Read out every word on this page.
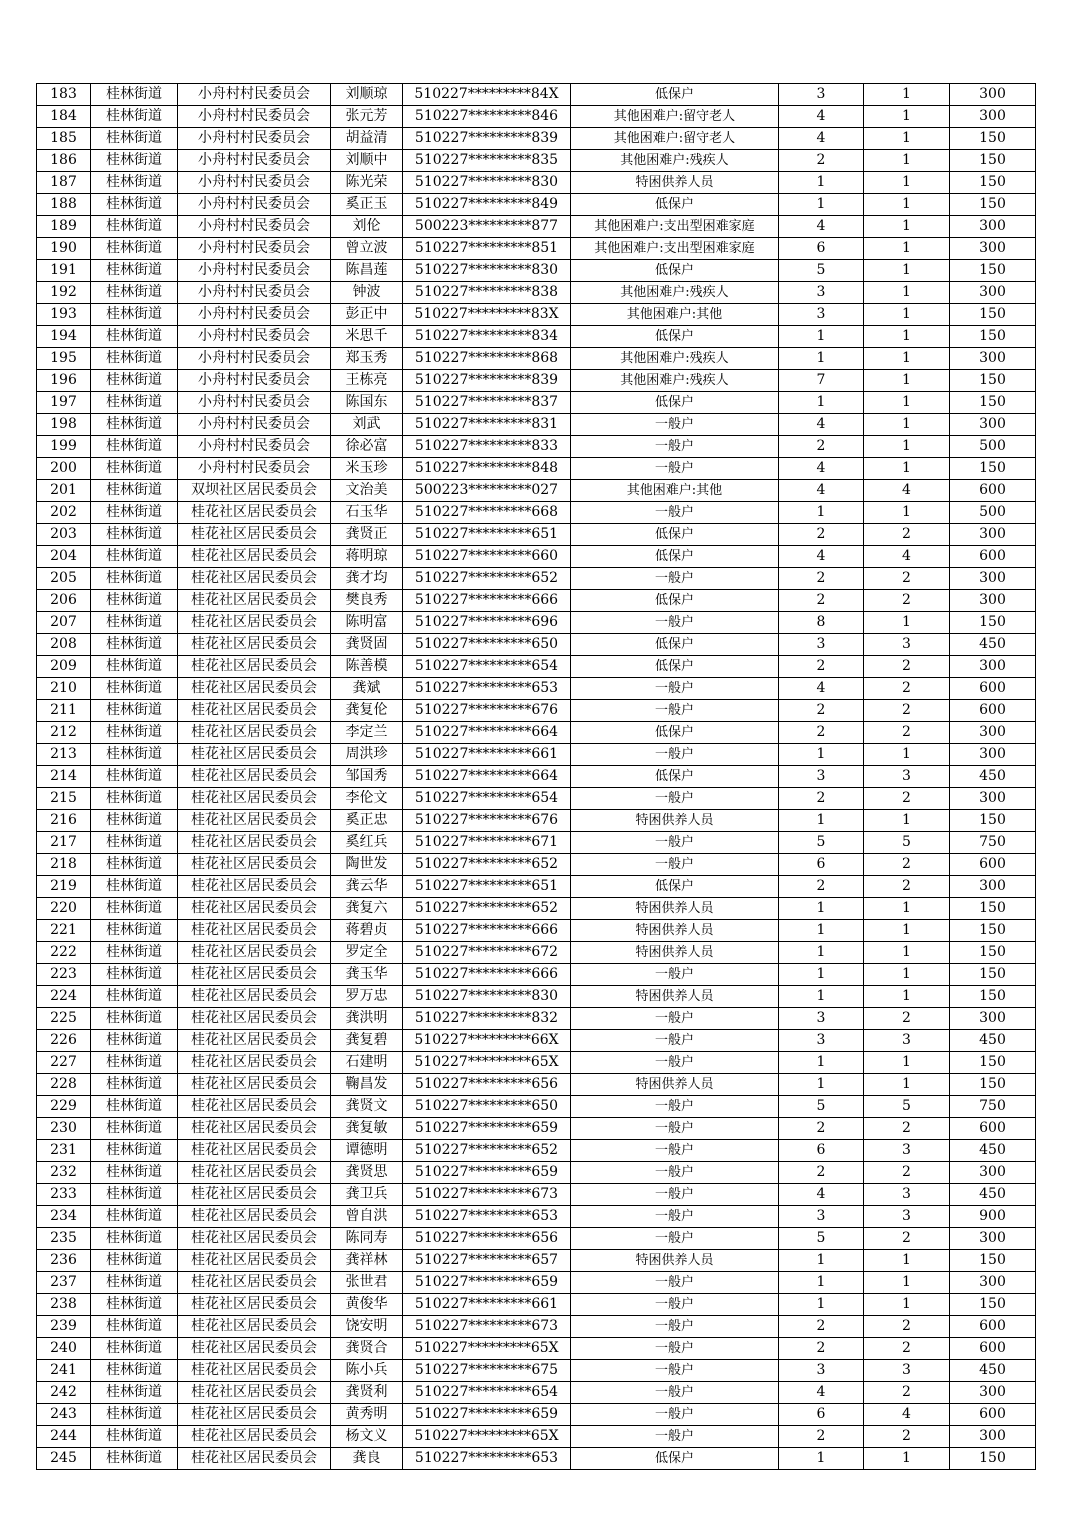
183	桂林街道	小舟村村民委员会	刘顺琼	510227*********84X	低保户	3	1	300
184	桂林街道	小舟村村民委员会	张元芳	510227*********846	其他困难户:留守老人	4	1	300
185	桂林街道	小舟村村民委员会	胡益清	510227*********839	其他困难户:留守老人	4	1	150
186	桂林街道	小舟村村民委员会	刘顺中	510227*********835	其他困难户:残疾人	2	1	150
187	桂林街道	小舟村村民委员会	陈光荣	510227*********830	特困供养人员	1	1	150
188	桂林街道	小舟村村民委员会	奚正玉	510227*********849	低保户	1	1	150
189	桂林街道	小舟村村民委员会	刘伦	500223*********877	其他困难户:支出型困难家庭	4	1	300
190	桂林街道	小舟村村民委员会	曾立波	510227*********851	其他困难户:支出型困难家庭	6	1	300
191	桂林街道	小舟村村民委员会	陈昌莲	510227*********830	低保户	5	1	150
192	桂林街道	小舟村村民委员会	钟波	510227*********838	其他困难户:残疾人	3	1	300
193	桂林街道	小舟村村民委员会	彭正中	510227*********83X	其他困难户:其他	3	1	150
194	桂林街道	小舟村村民委员会	米思千	510227*********834	低保户	1	1	150
195	桂林街道	小舟村村民委员会	郑玉秀	510227*********868	其他困难户:残疾人	1	1	300
196	桂林街道	小舟村村民委员会	王栋亮	510227*********839	其他困难户:残疾人	7	1	150
197	桂林街道	小舟村村民委员会	陈国东	510227*********837	低保户	1	1	150
198	桂林街道	小舟村村民委员会	刘武	510227*********831	一般户	4	1	300
199	桂林街道	小舟村村民委员会	徐必富	510227*********833	一般户	2	1	500
200	桂林街道	小舟村村民委员会	米玉珍	510227*********848	一般户	4	1	150
201	桂林街道	双坝社区居民委员会	文治美	500223*********027	其他困难户:其他	4	4	600
202	桂林街道	桂花社区居民委员会	石玉华	510227*********668	一般户	1	1	500
203	桂林街道	桂花社区居民委员会	龚贤正	510227*********651	低保户	2	2	300
204	桂林街道	桂花社区居民委员会	蒋明琼	510227*********660	低保户	4	4	600
205	桂林街道	桂花社区居民委员会	龚才均	510227*********652	一般户	2	2	300
206	桂林街道	桂花社区居民委员会	樊良秀	510227*********666	低保户	2	2	300
207	桂林街道	桂花社区居民委员会	陈明富	510227*********696	一般户	8	1	150
208	桂林街道	桂花社区居民委员会	龚贤固	510227*********650	低保户	3	3	450
209	桂林街道	桂花社区居民委员会	陈善模	510227*********654	低保户	2	2	300
210	桂林街道	桂花社区居民委员会	龚斌	510227*********653	一般户	4	2	600
211	桂林街道	桂花社区居民委员会	龚复伦	510227*********676	一般户	2	2	600
212	桂林街道	桂花社区居民委员会	李定兰	510227*********664	低保户	2	2	300
213	桂林街道	桂花社区居民委员会	周洪珍	510227*********661	一般户	1	1	300
214	桂林街道	桂花社区居民委员会	邹国秀	510227*********664	低保户	3	3	450
215	桂林街道	桂花社区居民委员会	李伦文	510227*********654	一般户	2	2	300
216	桂林街道	桂花社区居民委员会	奚正忠	510227*********676	特困供养人员	1	1	150
217	桂林街道	桂花社区居民委员会	奚红兵	510227*********671	一般户	5	5	750
218	桂林街道	桂花社区居民委员会	陶世发	510227*********652	一般户	6	2	600
219	桂林街道	桂花社区居民委员会	龚云华	510227*********651	低保户	2	2	300
220	桂林街道	桂花社区居民委员会	龚复六	510227*********652	特困供养人员	1	1	150
221	桂林街道	桂花社区居民委员会	蒋碧贞	510227*********666	特困供养人员	1	1	150
222	桂林街道	桂花社区居民委员会	罗定全	510227*********672	特困供养人员	1	1	150
223	桂林街道	桂花社区居民委员会	龚玉华	510227*********666	一般户	1	1	150
224	桂林街道	桂花社区居民委员会	罗万忠	510227*********830	特困供养人员	1	1	150
225	桂林街道	桂花社区居民委员会	龚洪明	510227*********832	一般户	3	2	300
226	桂林街道	桂花社区居民委员会	龚复碧	510227*********66X	一般户	3	3	450
227	桂林街道	桂花社区居民委员会	石建明	510227*********65X	一般户	1	1	150
228	桂林街道	桂花社区居民委员会	鞠昌发	510227*********656	特困供养人员	1	1	150
229	桂林街道	桂花社区居民委员会	龚贤文	510227*********650	一般户	5	5	750
230	桂林街道	桂花社区居民委员会	龚复敏	510227*********659	一般户	2	2	600
231	桂林街道	桂花社区居民委员会	谭德明	510227*********652	一般户	6	3	450
232	桂林街道	桂花社区居民委员会	龚贤思	510227*********659	一般户	2	2	300
233	桂林街道	桂花社区居民委员会	龚卫兵	510227*********673	一般户	4	3	450
234	桂林街道	桂花社区居民委员会	曾自洪	510227*********653	一般户	3	3	900
235	桂林街道	桂花社区居民委员会	陈同寿	510227*********656	一般户	5	2	300
236	桂林街道	桂花社区居民委员会	龚祥林	510227*********657	特困供养人员	1	1	150
237	桂林街道	桂花社区居民委员会	张世君	510227*********659	一般户	1	1	300
238	桂林街道	桂花社区居民委员会	黄俊华	510227*********661	一般户	1	1	150
239	桂林街道	桂花社区居民委员会	饶安明	510227*********673	一般户	2	2	600
240	桂林街道	桂花社区居民委员会	龚贤合	510227*********65X	一般户	2	2	600
241	桂林街道	桂花社区居民委员会	陈小兵	510227*********675	一般户	3	3	450
242	桂林街道	桂花社区居民委员会	龚贤利	510227*********654	一般户	4	2	300
243	桂林街道	桂花社区居民委员会	黄秀明	510227*********659	一般户	6	4	600
244	桂林街道	桂花社区居民委员会	杨文义	510227*********65X	一般户	2	2	300
245	桂林街道	桂花社区居民委员会	龚良	510227*********653	低保户	1	1	150
